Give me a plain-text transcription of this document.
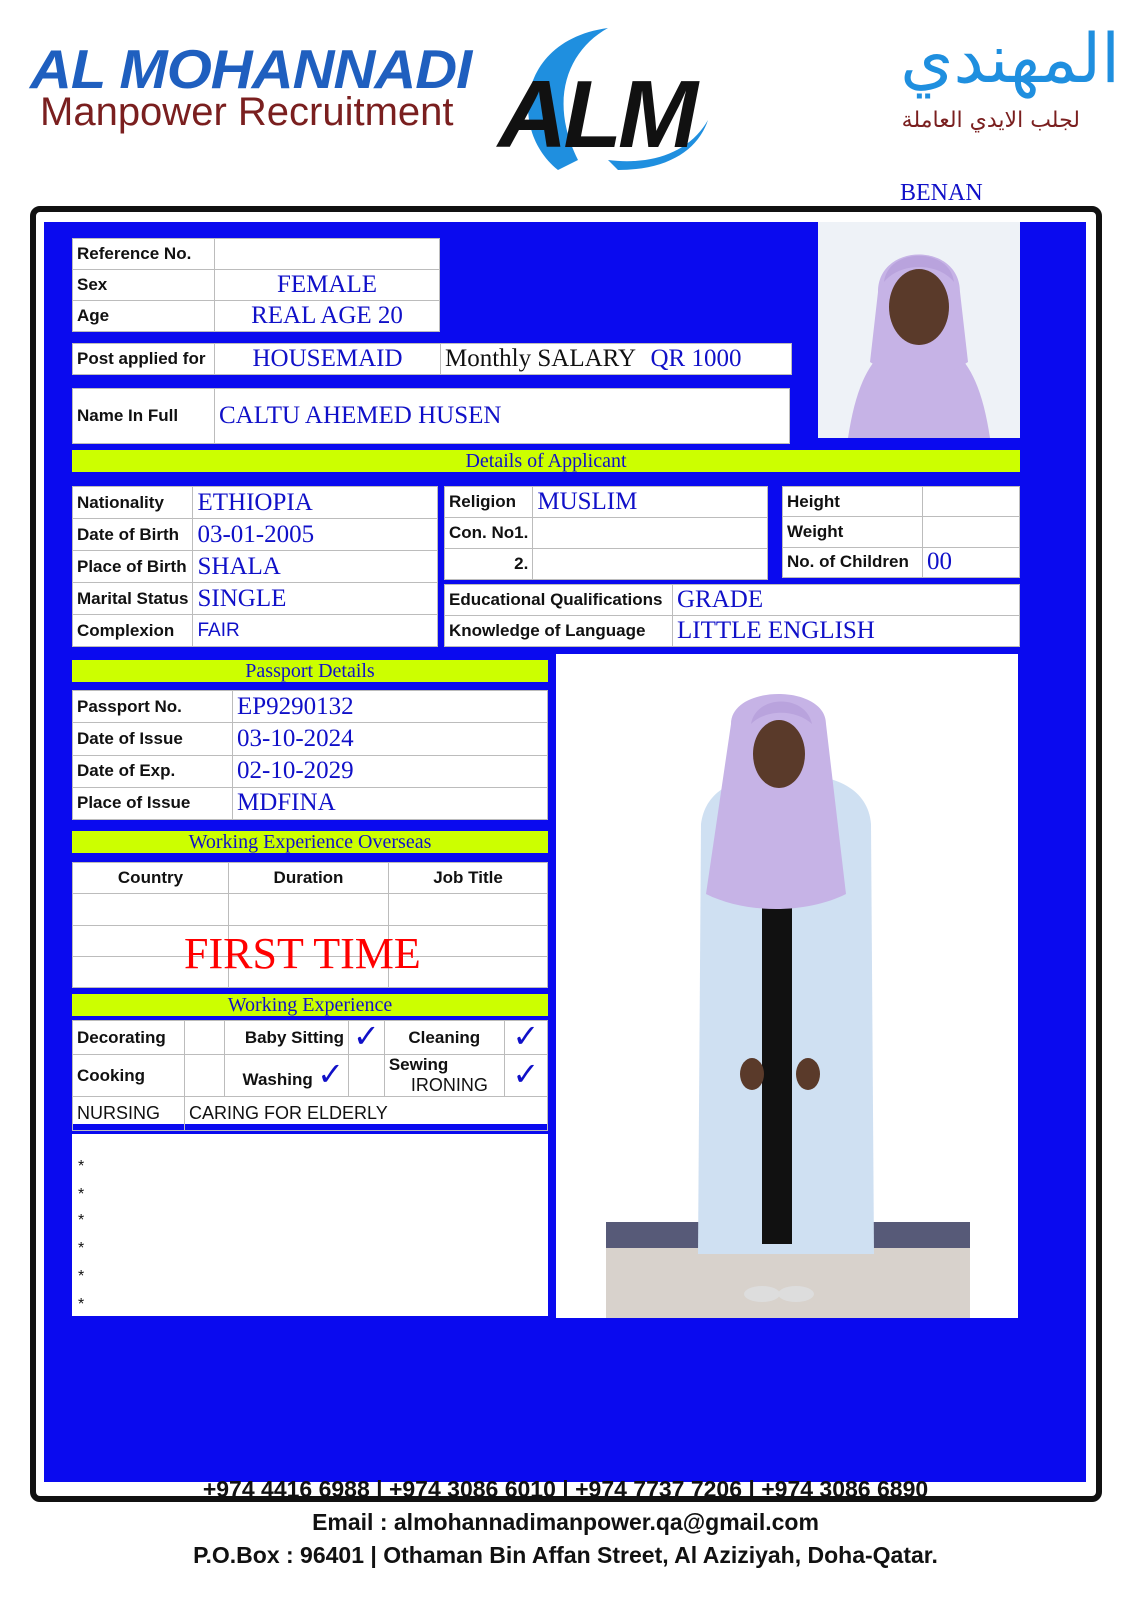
AL MOHANNADI
Manpower Recruitment ALM
المهندي
لجلب الايدي العاملة
BENAN
Reference No.	
Sex	FEMALE
Age	REAL AGE 20
Post applied for	HOUSEMAID	Monthly SALARY QR 1000
Name In Full	CALTU AHEMED HUSEN
Details of Applicant
Nationality	ETHIOPIA
Date of Birth	03-01-2005
Place of Birth	SHALA
Marital Status	SINGLE
Complexion	FAIR
Religion	MUSLIM
Con. No1.	
2.	
Height	
Weight	
No. of Children	00
Educational Qualifications	GRADE
Knowledge of Language	LITTLE ENGLISH
Passport Details
Passport No.	EP9290132
Date of Issue	03-10-2024
Date of Exp.	02-10-2029
Place of Issue	MDFINA
Working Experience Overseas
Country	Duration	Job Title

FIRST TIME
Working Experience
Decorating		Baby Sitting	✓	Cleaning	✓
Cooking		Washing ✓		Sewing IRONING	✓
NURSING	CARING FOR ELDERLY				
*
*
*
*
*
*
+974 4416 6988 | +974 3086 6010 | +974 7737 7206 | +974 3086 6890
Email : almohannadimanpower.qa@gmail.com
P.O.Box : 96401 | Othaman Bin Affan Street, Al Aziziyah, Doha-Qatar.
